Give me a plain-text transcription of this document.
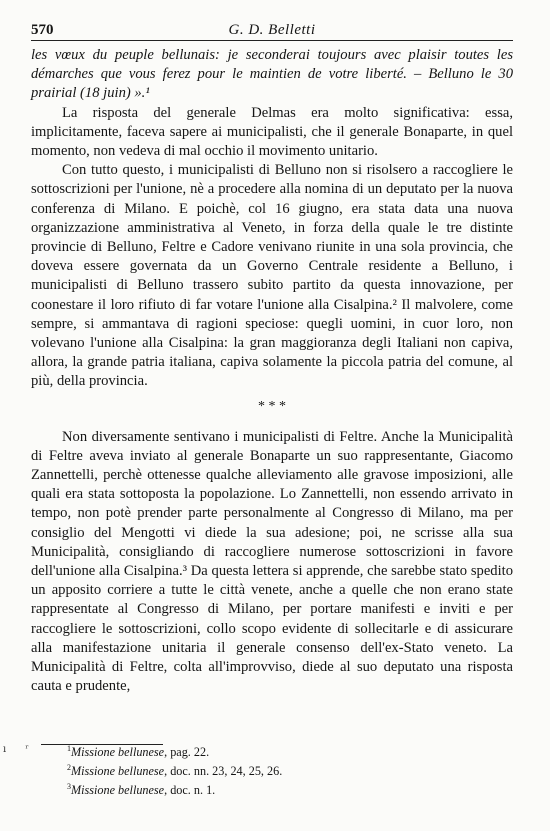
570	G. D. Belletti

les vœux du peuple bellunais: je seconderai toujours avec plaisir toutes les démarches que vous ferez pour le maintien de votre liberté. – Belluno le 30 prairial (18 juin) ».¹

La risposta del generale Delmas era molto significativa: essa, implicitamente, faceva sapere ai municipalisti, che il generale Bonaparte, in quel momento, non vedeva di mal occhio il movimento unitario.

Con tutto questo, i municipalisti di Belluno non si risolsero a raccogliere le sottoscrizioni per l'unione, nè a procedere alla nomina di un deputato per la nuova conferenza di Milano. E poichè, col 16 giugno, era stata data una nuova organizzazione amministrativa al Veneto, in forza della quale le tre distinte provincie di Belluno, Feltre e Cadore venivano riunite in una sola provincia, che doveva essere governata da un Governo Centrale residente a Belluno, i municipalisti di Belluno trassero subito partito da questa innovazione, per coonestare il loro rifiuto di far votare l'unione alla Cisalpina.² Il malvolere, come sempre, si ammantava di ragioni speciose: quegli uomini, in cuor loro, non volevano l'unione alla Cisalpina: la gran maggioranza degli Italiani non capiva, allora, la grande patria italiana, capiva solamente la piccola patria del comune, al più, della provincia.

* * *

Non diversamente sentivano i municipalisti di Feltre. Anche la Municipalità di Feltre aveva inviato al generale Bonaparte un suo rappresentante, Giacomo Zannettelli, perchè ottenesse qualche alleviamento alle gravose imposizioni, alle quali era stata sottoposta la popolazione. Lo Zannettelli, non essendo arrivato in tempo, non potè prender parte personalmente al Congresso di Milano, ma per consiglio del Mengotti vi diede la sua adesione; poi, ne scrisse alla sua Municipalità, consigliando di raccogliere numerose sottoscrizioni in favore dell'unione alla Cisalpina.³ Da questa lettera si apprende, che sarebbe stato spedito un apposito corriere a tutte le città venete, anche a quelle che non erano state rappresentate al Congresso di Milano, per portare manifesti e inviti e per raccogliere le sottoscrizioni, collo scopo evidente di sollecitarle e di assicurare alla manifestazione unitaria il generale consenso dell'ex-Stato veneto. La Municipalità di Feltre, colta all'improvviso, diede al suo deputato una risposta cauta e prudente,

ı ʳ	$^1$Missione bellunese, pag. 22.
$^2$Missione bellunese, doc. nn. 23, 24, 25, 26.
$^3$Missione bellunese, doc. n. 1.
